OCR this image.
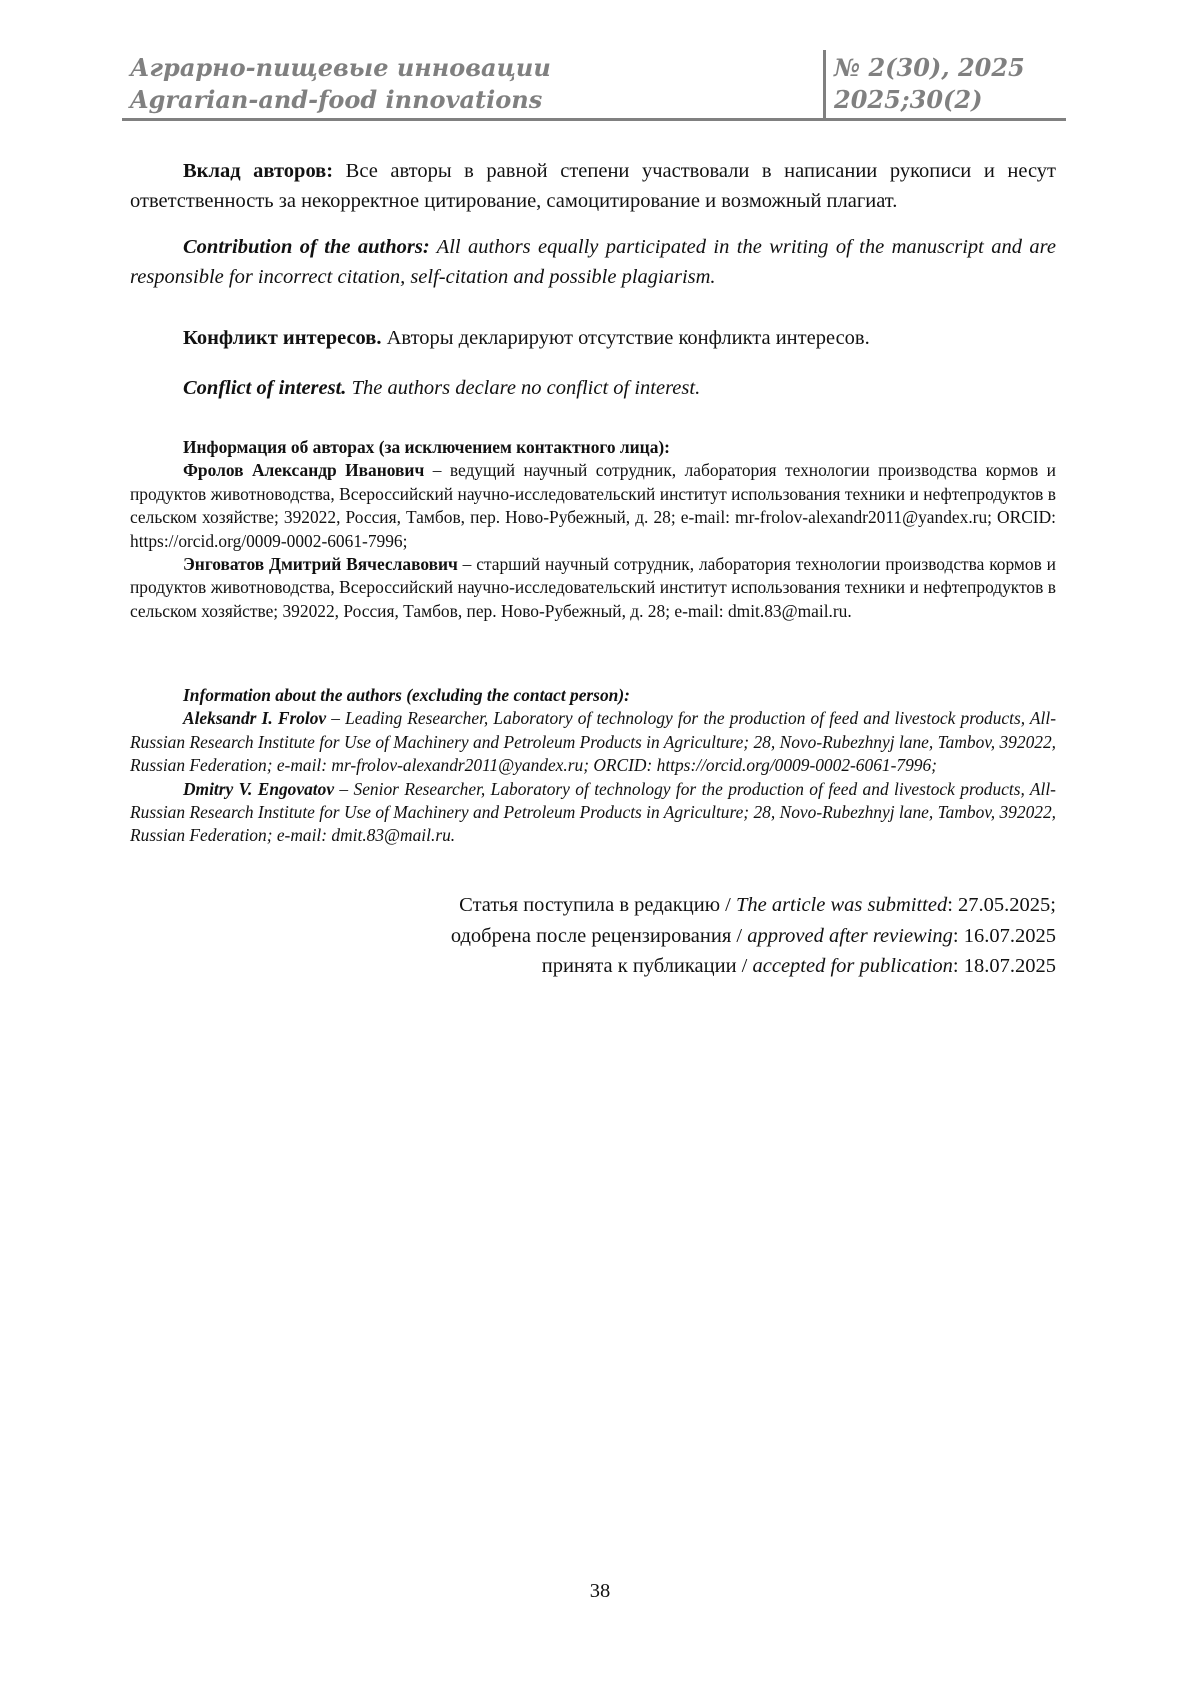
Аграрно-пищевые инновации
Agrarian-and-food innovations
№ 2(30), 2025
2025;30(2)

Вклад авторов: Все авторы в равной степени участвовали в написании рукописи и несут ответственность за некорректное цитирование, самоцитирование и возможный плагиат.

Contribution of the authors: All authors equally participated in the writing of the manuscript and are responsible for incorrect citation, self-citation and possible plagiarism.

Конфликт интересов. Авторы декларируют отсутствие конфликта интересов.

Conflict of interest. The authors declare no conflict of interest.

Информация об авторах (за исключением контактного лица):
Фролов Александр Иванович – ведущий научный сотрудник, лаборатория технологии производства кормов и продуктов животноводства, Всероссийский научно-исследовательский институт использования техники и нефтепродуктов в сельском хозяйстве; 392022, Россия, Тамбов, пер. Ново-Рубежный, д. 28; e-mail: mr-frolov-alexandr2011@yandex.ru; ORCID: https://orcid.org/0009-0002-6061-7996;
Энговатов Дмитрий Вячеславович – старший научный сотрудник, лаборатория технологии производства кормов и продуктов животноводства, Всероссийский научно-исследовательский институт использования техники и нефтепродуктов в сельском хозяйстве; 392022, Россия, Тамбов, пер. Ново-Рубежный, д. 28; e-mail: dmit.83@mail.ru.
Information about the authors (excluding the contact person):
Aleksandr I. Frolov – Leading Researcher, Laboratory of technology for the production of feed and livestock products, All-Russian Research Institute for Use of Machinery and Petroleum Products in Agriculture; 28, Novo-Rubezhnyj lane, Tambov, 392022, Russian Federation; e-mail: mr-frolov-alexandr2011@yandex.ru; ORCID: https://orcid.org/0009-0002-6061-7996;
Dmitry V. Engovatov – Senior Researcher, Laboratory of technology for the production of feed and livestock products, All-Russian Research Institute for Use of Machinery and Petroleum Products in Agriculture; 28, Novo-Rubezhnyj lane, Tambov, 392022, Russian Federation; e-mail: dmit.83@mail.ru.
Статья поступила в редакцию / The article was submitted: 27.05.2025;
одобрена после рецензирования / approved after reviewing: 16.07.2025
принята к публикации / accepted for publication: 18.07.2025
38
